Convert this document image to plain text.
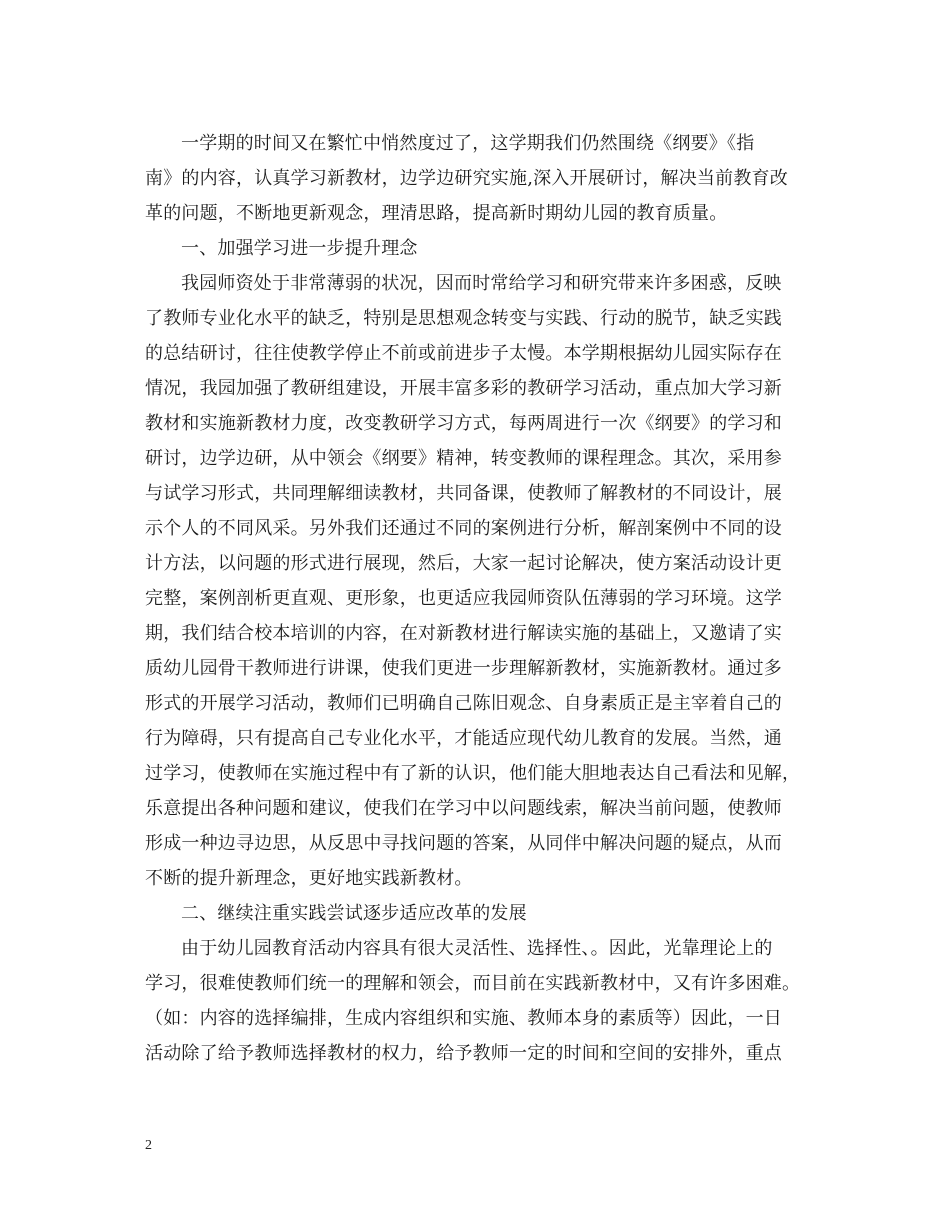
一学期的时间又在繁忙中悄然度过了，这学期我们仍然围绕《纲要》《指
南》的内容，认真学习新教材，边学边研究实施,深入开展研讨，解决当前教育改
革的问题，不断地更新观念，理清思路，提高新时期幼儿园的教育质量。
一、加强学习进一步提升理念
我园师资处于非常薄弱的状况，因而时常给学习和研究带来许多困惑，反映
了教师专业化水平的缺乏，特别是思想观念转变与实践、行动的脱节，缺乏实践
的总结研讨，往往使教学停止不前或前进步子太慢。本学期根据幼儿园实际存在
情况，我园加强了教研组建设，开展丰富多彩的教研学习活动，重点加大学习新
教材和实施新教材力度，改变教研学习方式，每两周进行一次《纲要》的学习和
研讨，边学边研，从中领会《纲要》精神，转变教师的课程理念。其次，采用参
与试学习形式，共同理解细读教材，共同备课，使教师了解教材的不同设计，展
示个人的不同风采。另外我们还通过不同的案例进行分析，解剖案例中不同的设
计方法，以问题的形式进行展现，然后，大家一起讨论解决，使方案活动设计更
完整，案例剖析更直观、更形象，也更适应我园师资队伍薄弱的学习环境。这学
期，我们结合校本培训的内容，在对新教材进行解读实施的基础上，又邀请了实
质幼儿园骨干教师进行讲课，使我们更进一步理解新教材，实施新教材。通过多
形式的开展学习活动，教师们已明确自己陈旧观念、自身素质正是主宰着自己的
行为障碍，只有提高自己专业化水平，才能适应现代幼儿教育的发展。当然，通
过学习，使教师在实施过程中有了新的认识，他们能大胆地表达自己看法和见解，
乐意提出各种问题和建议，使我们在学习中以问题线索，解决当前问题，使教师
形成一种边寻边思，从反思中寻找问题的答案，从同伴中解决问题的疑点，从而
不断的提升新理念，更好地实践新教材。
二、继续注重实践尝试逐步适应改革的发展
由于幼儿园教育活动内容具有很大灵活性、选择性、。因此，光靠理论上的
学习，很难使教师们统一的理解和领会，而目前在实践新教材中，又有许多困难。
（如：内容的选择编排，生成内容组织和实施、教师本身的素质等）因此，一日
活动除了给予教师选择教材的权力，给予教师一定的时间和空间的安排外，重点
2
